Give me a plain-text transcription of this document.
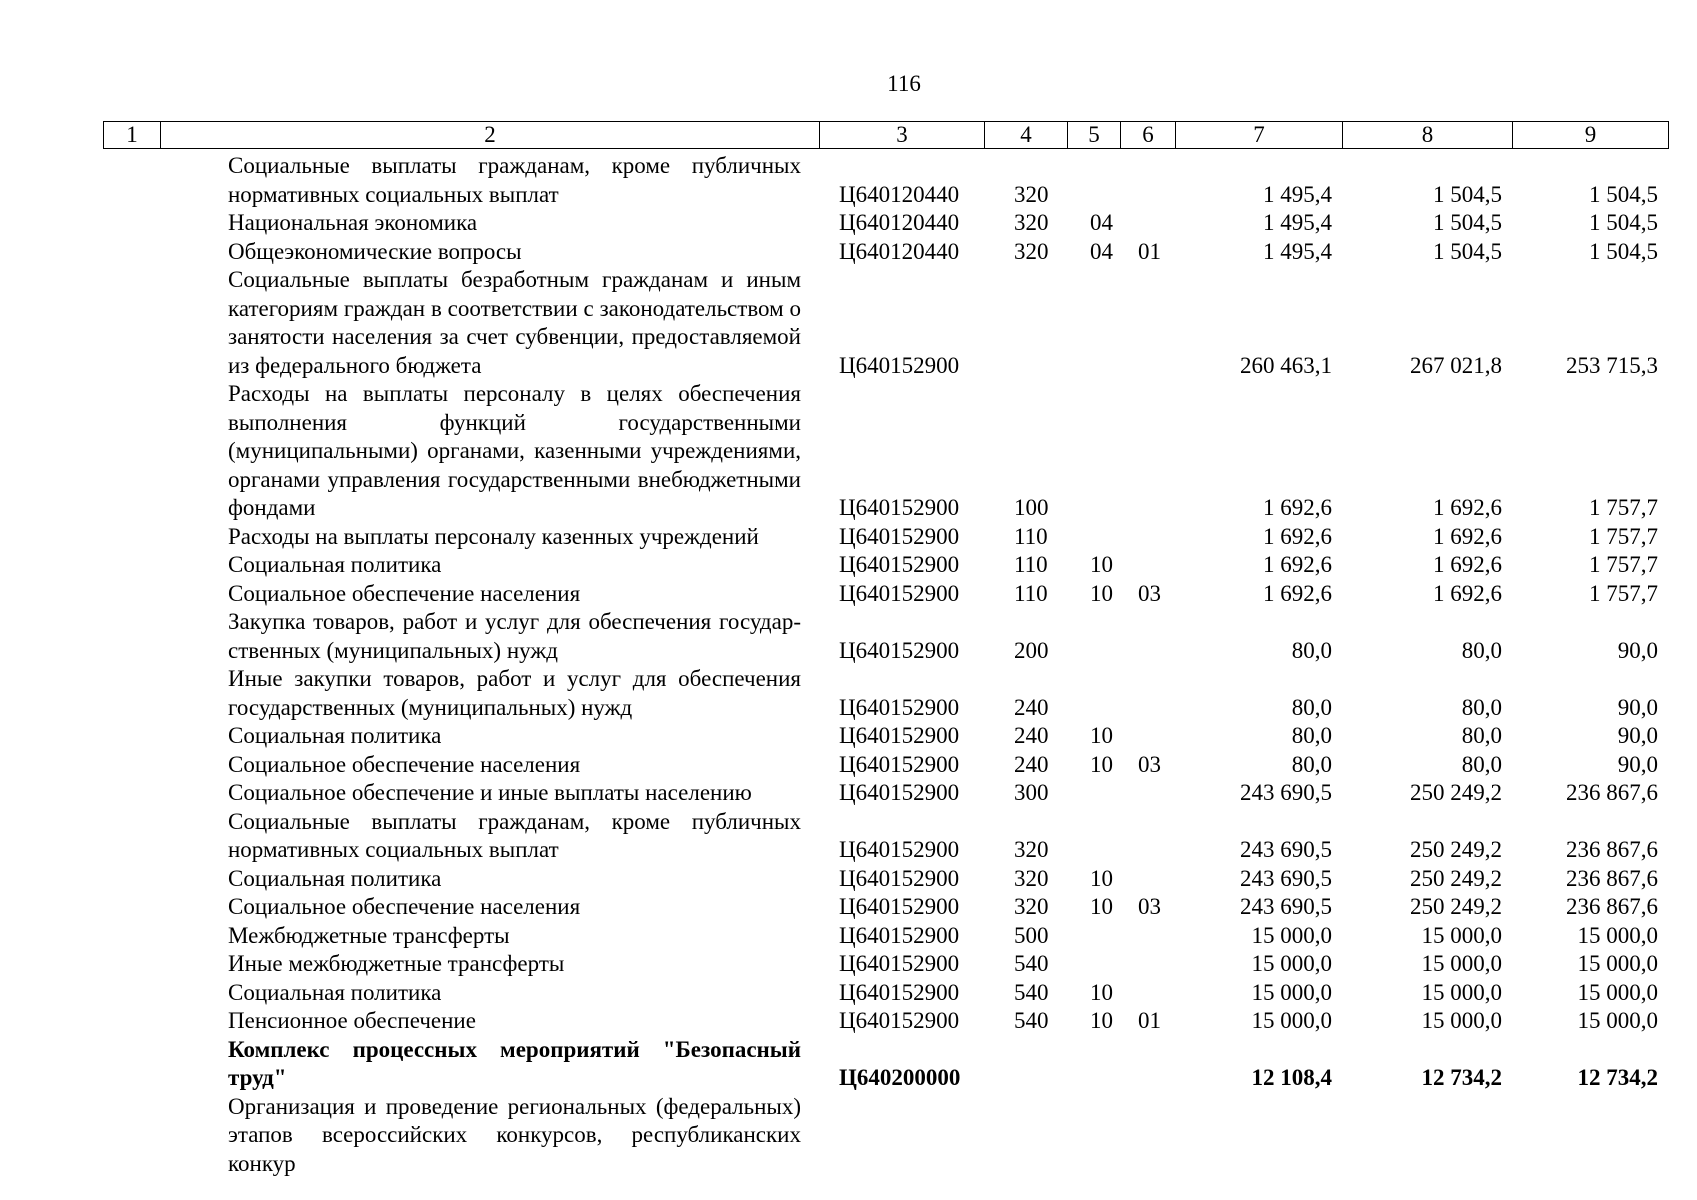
116
1	2	3	4	5	6	7	8	9
	Социальные выплаты гражданам, кроме публичных нормативных социальных выплат	Ц640120440	320			1 495,4	1 504,5	1 504,5
	Национальная экономика	Ц640120440	320	04		1 495,4	1 504,5	1 504,5
	Общеэкономические вопросы	Ц640120440	320	04	01	1 495,4	1 504,5	1 504,5
	Социальные выплаты безработным гражданам и иным категориям граждан в соответствии с законодательством о занятости населения за счет субвенции, предоставляемой из федерального бюджета	Ц640152900				260 463,1	267 021,8	253 715,3
	Расходы на выплаты персоналу в целях обеспечения выполнения функций государственными (муниципальными) органами, казенными учреждениями, органами управления государственными внебюджетными фондами	Ц640152900	100			1 692,6	1 692,6	1 757,7
	Расходы на выплаты персоналу казенных учреждений	Ц640152900	110			1 692,6	1 692,6	1 757,7
	Социальная политика	Ц640152900	110	10		1 692,6	1 692,6	1 757,7
	Социальное обеспечение населения	Ц640152900	110	10	03	1 692,6	1 692,6	1 757,7
	Закупка товаров, работ и услуг для обеспечения государственных (муниципальных) нужд	Ц640152900	200			80,0	80,0	90,0
	Иные закупки товаров, работ и услуг для обеспечения государственных (муниципальных) нужд	Ц640152900	240			80,0	80,0	90,0
	Социальная политика	Ц640152900	240	10		80,0	80,0	90,0
	Социальное обеспечение населения	Ц640152900	240	10	03	80,0	80,0	90,0
	Социальное обеспечение и иные выплаты населению	Ц640152900	300			243 690,5	250 249,2	236 867,6
	Социальные выплаты гражданам, кроме публичных нормативных социальных выплат	Ц640152900	320			243 690,5	250 249,2	236 867,6
	Социальная политика	Ц640152900	320	10		243 690,5	250 249,2	236 867,6
	Социальное обеспечение населения	Ц640152900	320	10	03	243 690,5	250 249,2	236 867,6
	Межбюджетные трансферты	Ц640152900	500			15 000,0	15 000,0	15 000,0
	Иные межбюджетные трансферты	Ц640152900	540			15 000,0	15 000,0	15 000,0
	Социальная политика	Ц640152900	540	10		15 000,0	15 000,0	15 000,0
	Пенсионное обеспечение	Ц640152900	540	10	01	15 000,0	15 000,0	15 000,0
	Комплекс процессных мероприятий "Безопасный труд"	Ц640200000				12 108,4	12 734,2	12 734,2
	Организация и проведение региональных (федеральных) этапов всероссийских конкурсов, республиканских конкур							
